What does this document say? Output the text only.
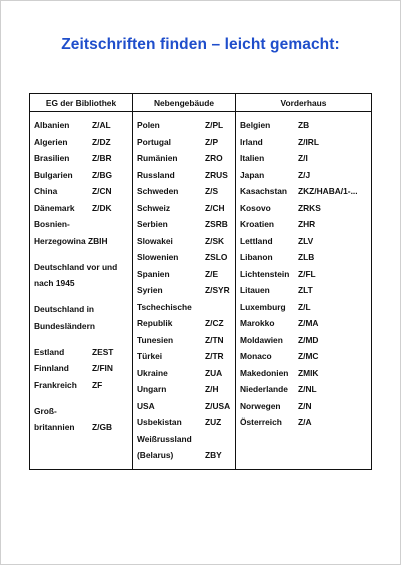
Zeitschriften finden – leicht gemacht:
EG der Bibliothek	Nebengebäude	Vorderhaus
Albanien	Z/AL
Algerien	Z/DZ
Brasilien	Z/BR
Bulgarien Z/BG
China	Z/CN
Dänemark Z/DK
Bosnien-
Herzegowina ZBIH
Deutschland vor und
nach 1945
Deutschland in
Bundesländern
Estland	ZEST
Finnland	Z/FIN
Frankreich ZF
Groß-
britannien Z/GB
Polen	Z/PL
Portugal	Z/P
Rumänien	ZRO
Russland	ZRUS
Schweden	Z/S
Schweiz	Z/CH
Serbien	ZSRB
Slowakei	Z/SK
Slowenien	ZSLO
Spanien	Z/E
Syrien	Z/SYR
Tschechische
Republik	Z/CZ
Tunesien	Z/TN
Türkei	Z/TR
Ukraine	ZUA
Ungarn	Z/H
USA	Z/USA
Usbekistan	ZUZ
Weißrussland
(Belarus)	ZBY
Belgien	ZB
Irland	Z/IRL
Italien	Z/I
Japan	Z/J
Kasachstan ZKZ/HABA/1-...
Kosovo	ZRKS
Kroatien	ZHR
Lettland	ZLV
Libanon	ZLB
Lichtenstein Z/FL
Litauen	ZLT
Luxemburg Z/L
Marokko	Z/MA
Moldawien Z/MD
Monaco	Z/MC
Makedonien ZMIK
Niederlande Z/NL
Norwegen Z/N
Österreich Z/A
